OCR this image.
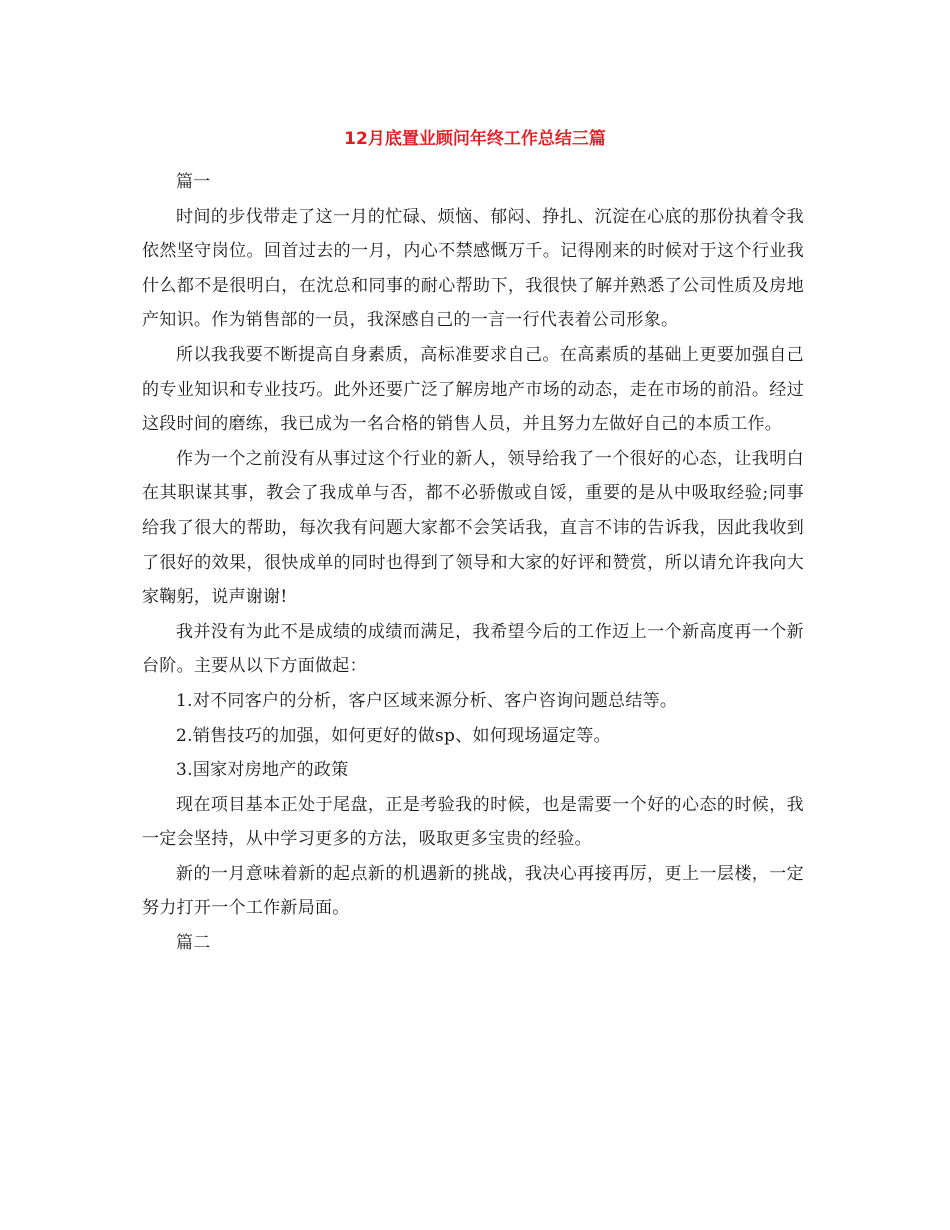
12月底置业顾问年终工作总结三篇

篇一

时间的步伐带走了这一月的忙碌、烦恼、郁闷、挣扎、沉淀在心底的那份执着令我依然坚守岗位。回首过去的一月，内心不禁感慨万千。记得刚来的时候对于这个行业我什么都不是很明白，在沈总和同事的耐心帮助下，我很快了解并熟悉了公司性质及房地产知识。作为销售部的一员，我深感自己的一言一行代表着公司形象。

所以我我要不断提高自身素质，高标准要求自己。在高素质的基础上更要加强自己的专业知识和专业技巧。此外还要广泛了解房地产市场的动态，走在市场的前沿。经过这段时间的磨练，我已成为一名合格的销售人员，并且努力左做好自己的本质工作。

作为一个之前没有从事过这个行业的新人，领导给我了一个很好的心态，让我明白在其职谋其事，教会了我成单与否，都不必骄傲或自馁，重要的是从中吸取经验;同事给我了很大的帮助，每次我有问题大家都不会笑话我，直言不讳的告诉我，因此我收到了很好的效果，很快成单的同时也得到了领导和大家的好评和赞赏，所以请允许我向大家鞠躬，说声谢谢!

我并没有为此不是成绩的成绩而满足，我希望今后的工作迈上一个新高度再一个新台阶。主要从以下方面做起：

1.对不同客户的分析，客户区域来源分析、客户咨询问题总结等。

2.销售技巧的加强，如何更好的做sp、如何现场逼定等。

3.国家对房地产的政策

现在项目基本正处于尾盘，正是考验我的时候，也是需要一个好的心态的时候，我一定会坚持，从中学习更多的方法，吸取更多宝贵的经验。

新的一月意味着新的起点新的机遇新的挑战，我决心再接再厉，更上一层楼，一定努力打开一个工作新局面。

篇二
